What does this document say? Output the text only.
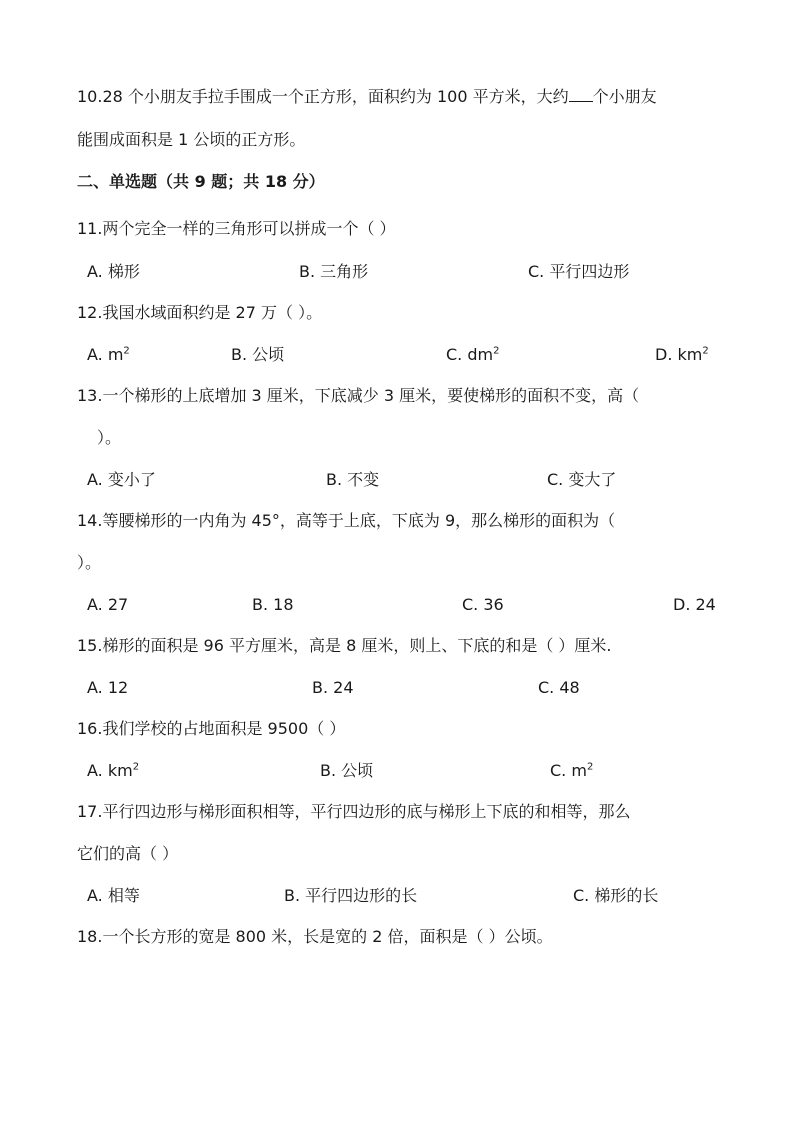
10.28 个小朋友手拉手围成一个正方形，面积约为 100 平方米，大约 个小朋友
能围成面积是 1 公顷的正方形。
二、单选题（共 9 题；共 18 分）
11.两个完全一样的三角形可以拼成一个（ ）
A. 梯形	B. 三角形	C. 平行四边形
12.我国水域面积约是 27 万（ ）。
A. $m^2$	B. 公顷	C. $dm^2$	D. $km^2$
13.一个梯形的上底增加 3 厘米，下底减少 3 厘米，要使梯形的面积不变，高（
）。
A. 变小了	B. 不变	C. 变大了
14.等腰梯形的一内角为 45°，高等于上底，下底为 9，那么梯形的面积为（
）。
A. 27	B. 18	C. 36	D. 24
15.梯形的面积是 96 平方厘米，高是 8 厘米，则上、下底的和是（ ）厘米.
A. 12	B. 24	C. 48
16.我们学校的占地面积是 9500（ ）
A. $km^2$	B. 公顷	C. $m^2$
17.平行四边形与梯形面积相等，平行四边形的底与梯形上下底的和相等，那么
它们的高（ ）
A. 相等	B. 平行四边形的长	C. 梯形的长
18.一个长方形的宽是 800 米，长是宽的 2 倍，面积是（ ）公顷。
